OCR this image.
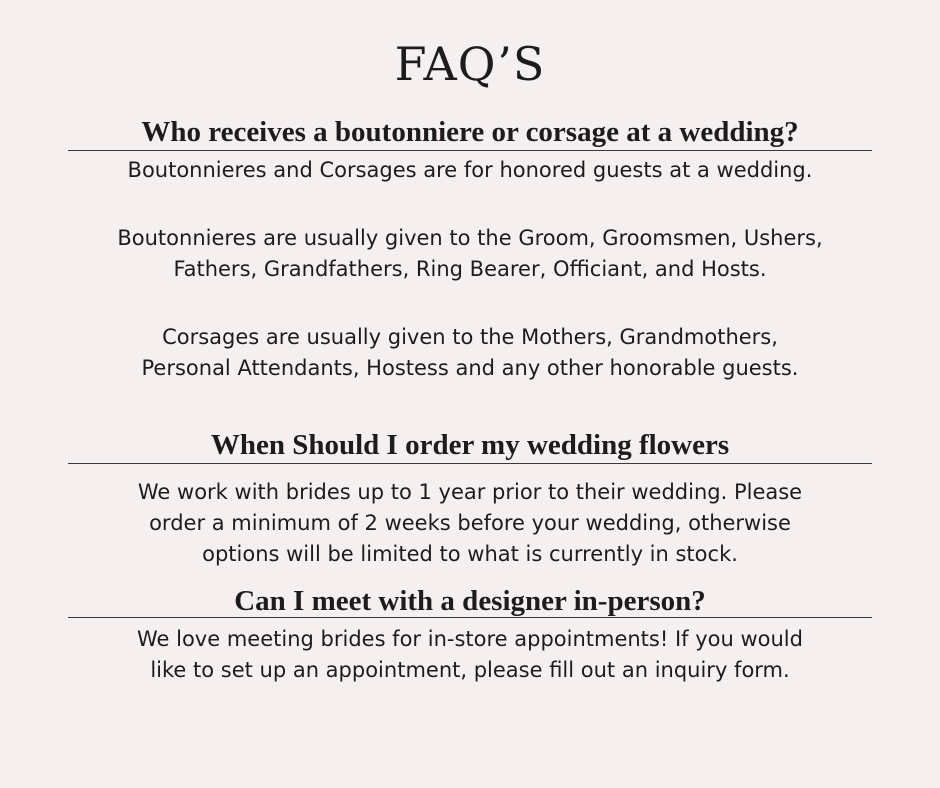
FAQ’S
Who receives a boutonniere or corsage at a wedding?

Boutonnieres and Corsages are for honored guests at a wedding.

Boutonnieres are usually given to the Groom, Groomsmen, Ushers,

Fathers, Grandfathers, Ring Bearer, Officiant, and Hosts.

Corsages are usually given to the Mothers, Grandmothers,

Personal Attendants, Hostess and any other honorable guests.

When Should I order my wedding flowers

We work with brides up to 1 year prior to their wedding. Please

order a minimum of 2 weeks before your wedding, otherwise

options will be limited to what is currently in stock.

Can I meet with a designer in-person?

We love meeting brides for in-store appointments! If you would

like to set up an appointment, please fill out an inquiry form.
